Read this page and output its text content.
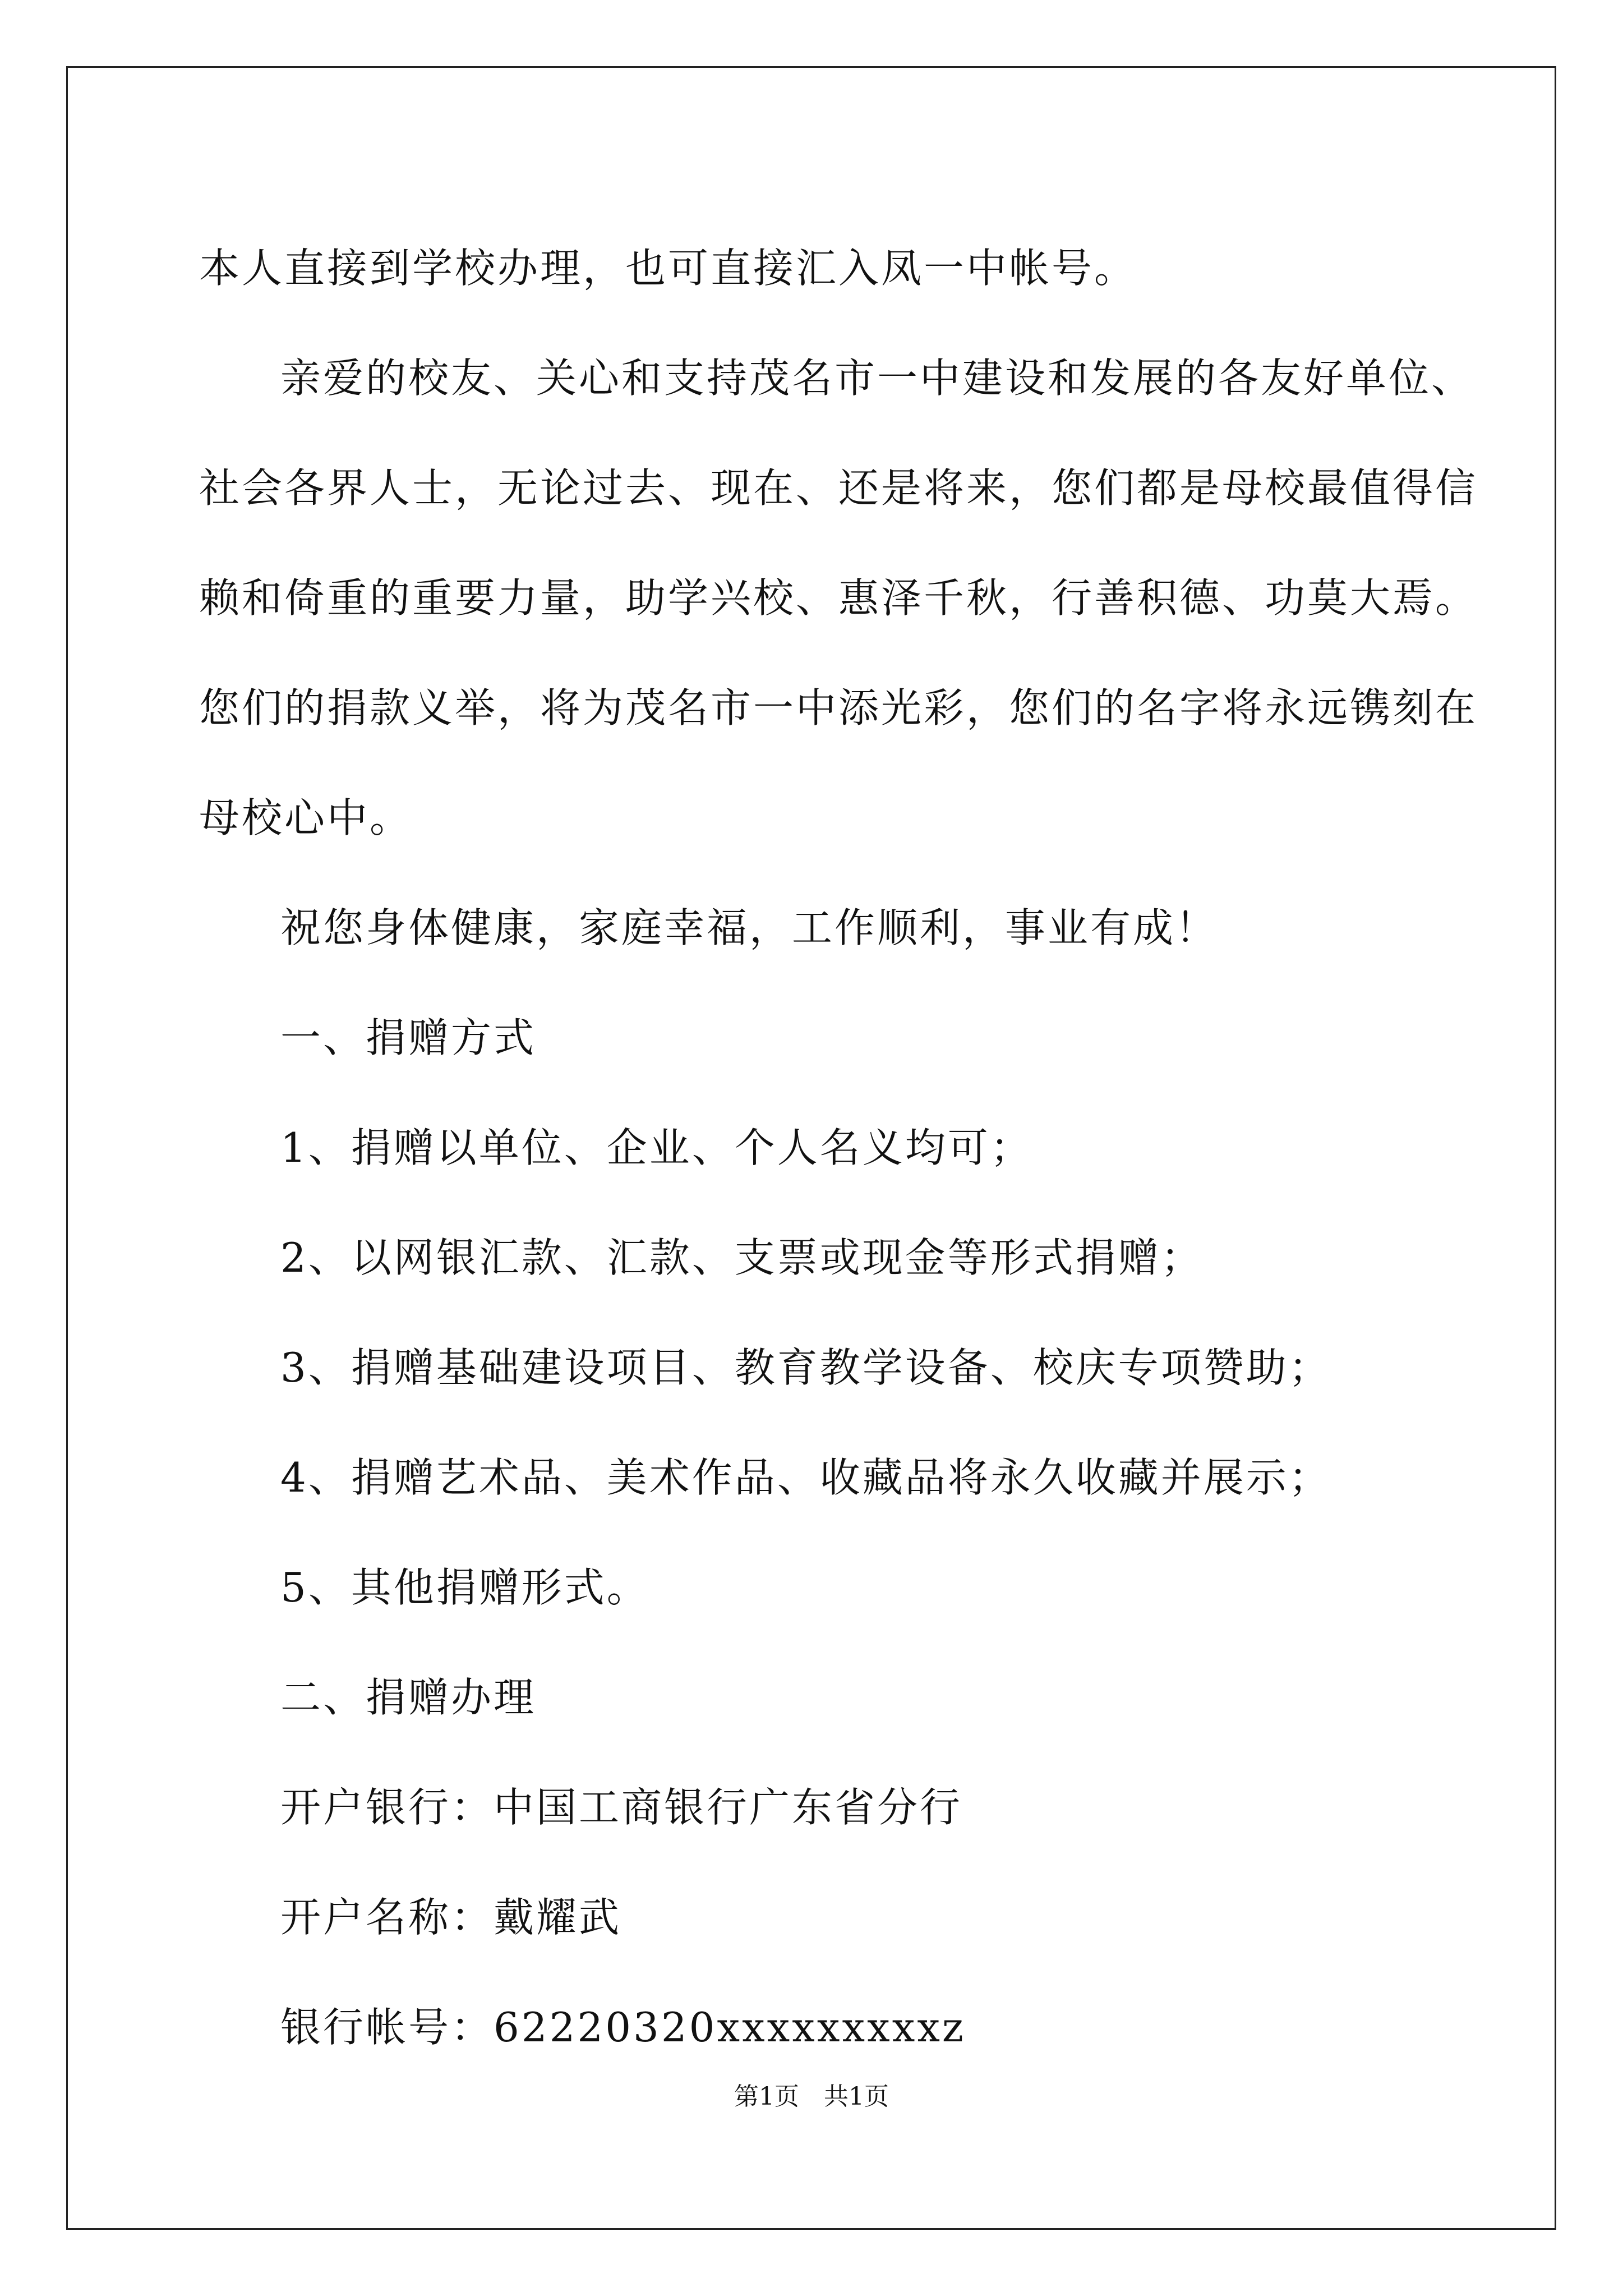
本人直接到学校办理，也可直接汇入凤一中帐号。
亲爱的校友、关心和支持茂名市一中建设和发展的各友好单位、
社会各界人士，无论过去、现在、还是将来，您们都是母校最值得信
赖和倚重的重要力量，助学兴校、惠泽千秋，行善积德、功莫大焉。
您们的捐款义举，将为茂名市一中添光彩，您们的名字将永远镌刻在
母校心中。
祝您身体健康，家庭幸福，工作顺利，事业有成！
一、捐赠方式
1、捐赠以单位、企业、个人名义均可；
2、以网银汇款、汇款、支票或现金等形式捐赠；
3、捐赠基础建设项目、教育教学设备、校庆专项赞助；
4、捐赠艺术品、美术作品、收藏品将永久收藏并展示；
5、其他捐赠形式。
二、捐赠办理
开户银行：中国工商银行广东省分行
开户名称：戴耀武
银行帐号：62220320xxxxxxxxxz
第1页　共1页
